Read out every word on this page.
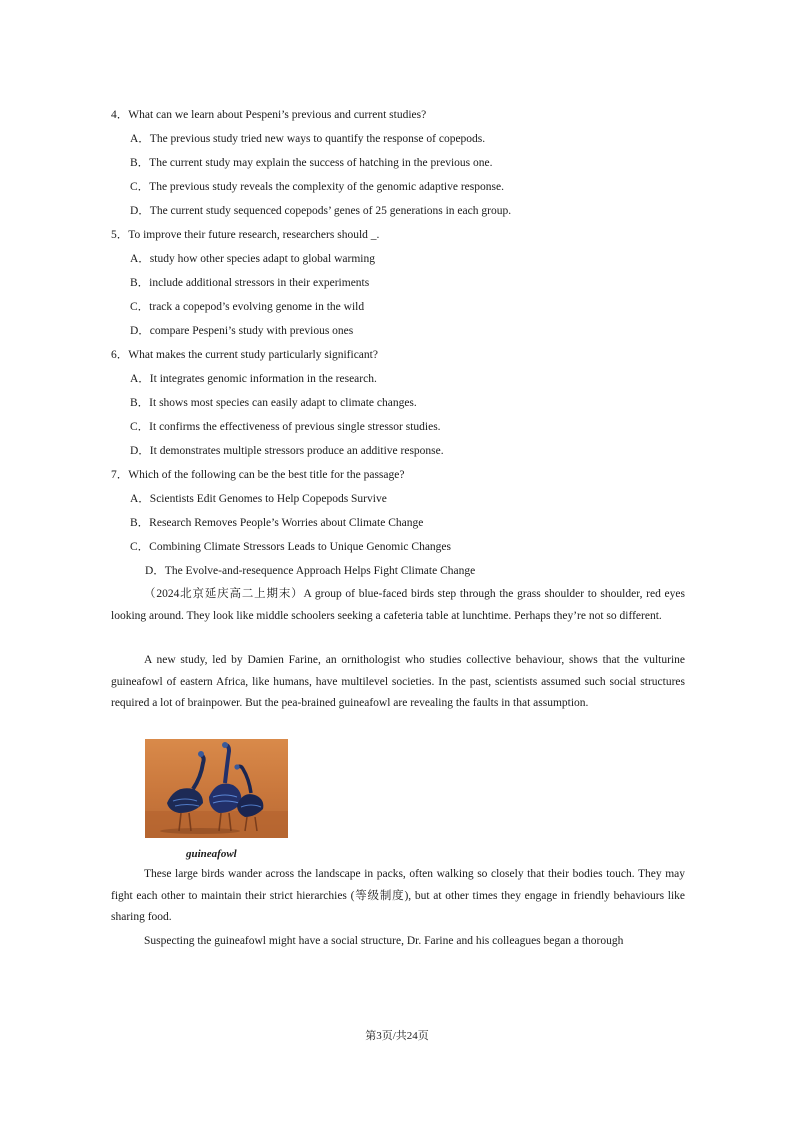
4．What can we learn about Pespeni’s previous and current studies?
A．The previous study tried new ways to quantify the response of copepods.
B．The current study may explain the success of hatching in the previous one.
C．The previous study reveals the complexity of the genomic adaptive response.
D．The current study sequenced copepods’ genes of 25 generations in each group.
5．To improve their future research, researchers should _.
A．study how other species adapt to global warming
B．include additional stressors in their experiments
C．track a copepod’s evolving genome in the wild
D．compare Pespeni’s study with previous ones
6．What makes the current study particularly significant?
A．It integrates genomic information in the research.
B．It shows most species can easily adapt to climate changes.
C．It confirms the effectiveness of previous single stressor studies.
D．It demonstrates multiple stressors produce an additive response.
7．Which of the following can be the best title for the passage?
A．Scientists Edit Genomes to Help Copepods Survive
B．Research Removes People’s Worries about Climate Change
C．Combining Climate Stressors Leads to Unique Genomic Changes
D．The Evolve-and-resequence Approach Helps Fight Climate Change
（2024北京延庆高二上期末）A group of blue-faced birds step through the grass shoulder to shoulder, red eyes looking around. They look like middle schoolers seeking a cafeteria table at lunchtime. Perhaps they’re not so different.
A new study, led by Damien Farine, an ornithologist who studies collective behaviour, shows that the vulturine guineafowl of eastern Africa, like humans, have multilevel societies. In the past, scientists assumed such social structures required a lot of brainpower. But the pea-brained guineafowl are revealing the faults in that assumption.
guineafowl
These large birds wander across the landscape in packs, often walking so closely that their bodies touch. They may fight each other to maintain their strict hierarchies (等级制度), but at other times they engage in friendly behaviours like sharing food.
Suspecting the guineafowl might have a social structure, Dr. Farine and his colleagues began a thorough
第3页/共24页
